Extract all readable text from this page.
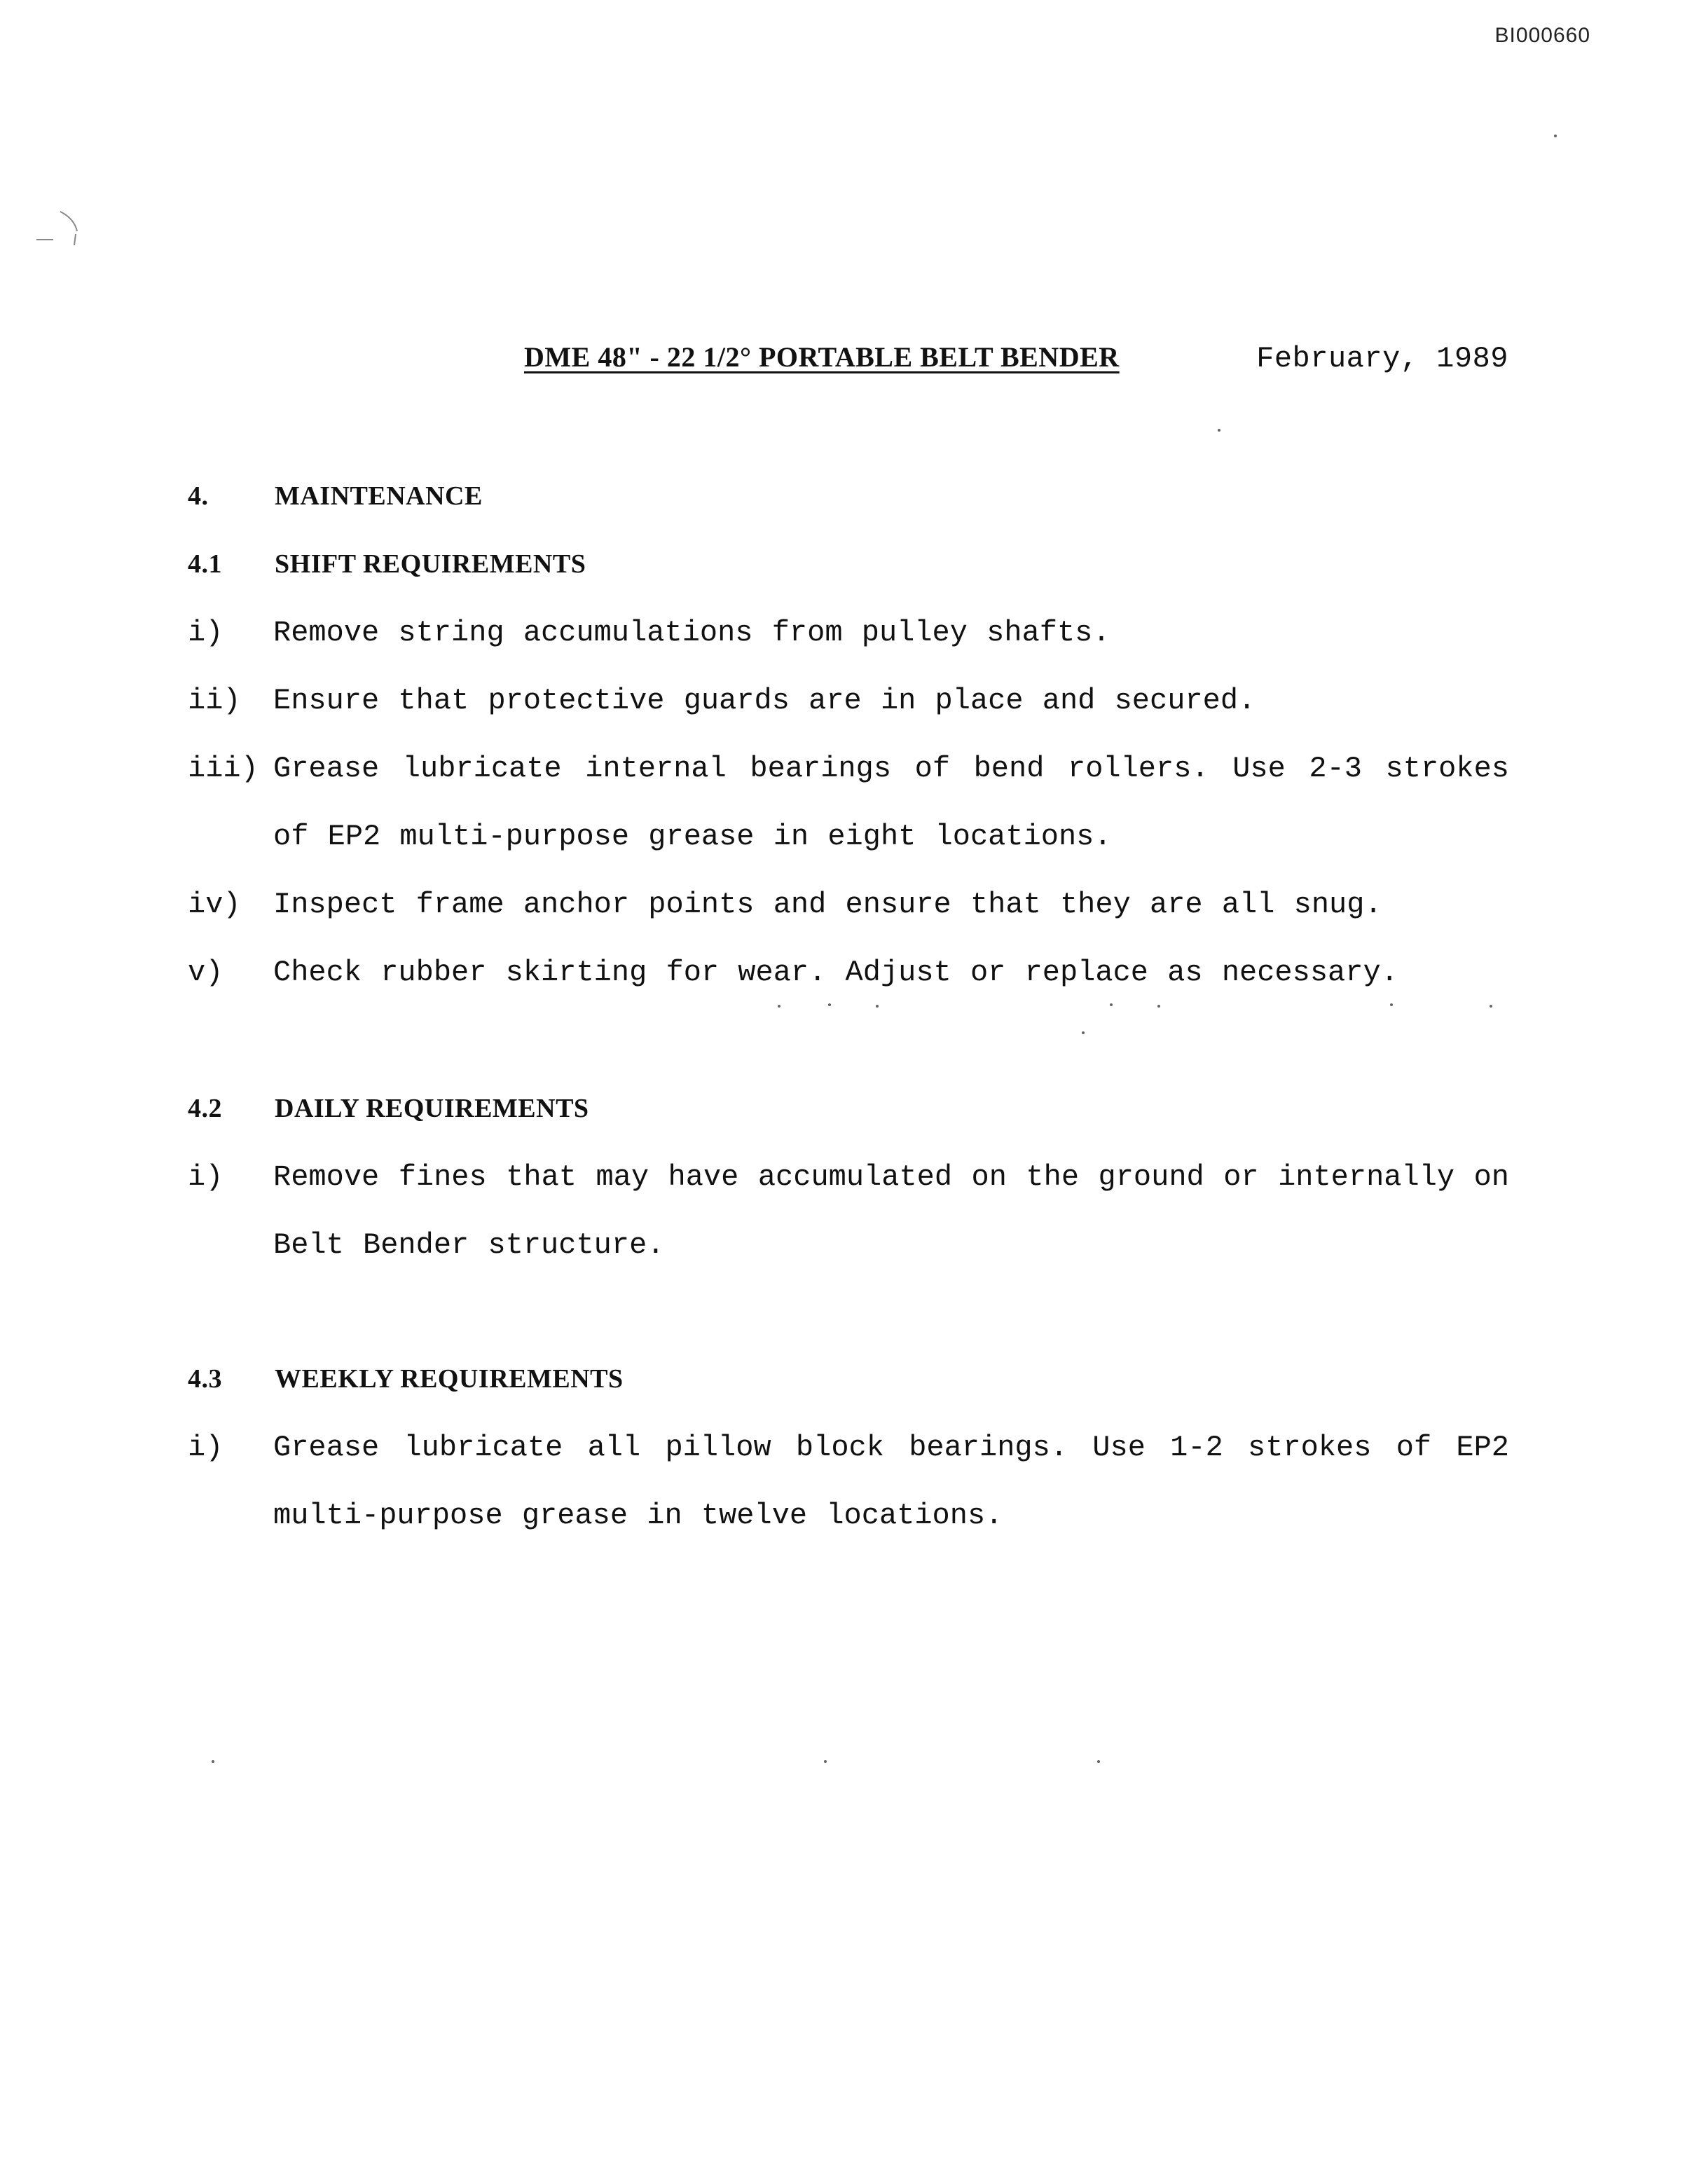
BI000660
DME 48" - 22 1/2° PORTABLE BELT BENDER	February, 1989
4.	MAINTENANCE
4.1	SHIFT REQUIREMENTS
i)	Remove string accumulations from pulley shafts.
ii)	Ensure that protective guards are in place and secured.
iii) Grease lubricate internal bearings of bend rollers. Use 2-3 strokes of EP2 multi-purpose grease in eight locations.
iv)	Inspect frame anchor points and ensure that they are all snug.
v)	Check rubber skirting for wear. Adjust or replace as necessary.
4.2	DAILY REQUIREMENTS
i)	Remove fines that may have accumulated on the ground or internally on Belt Bender structure.
4.3	WEEKLY REQUIREMENTS
i)	Grease lubricate all pillow block bearings. Use 1-2 strokes of EP2 multi-purpose grease in twelve locations.
